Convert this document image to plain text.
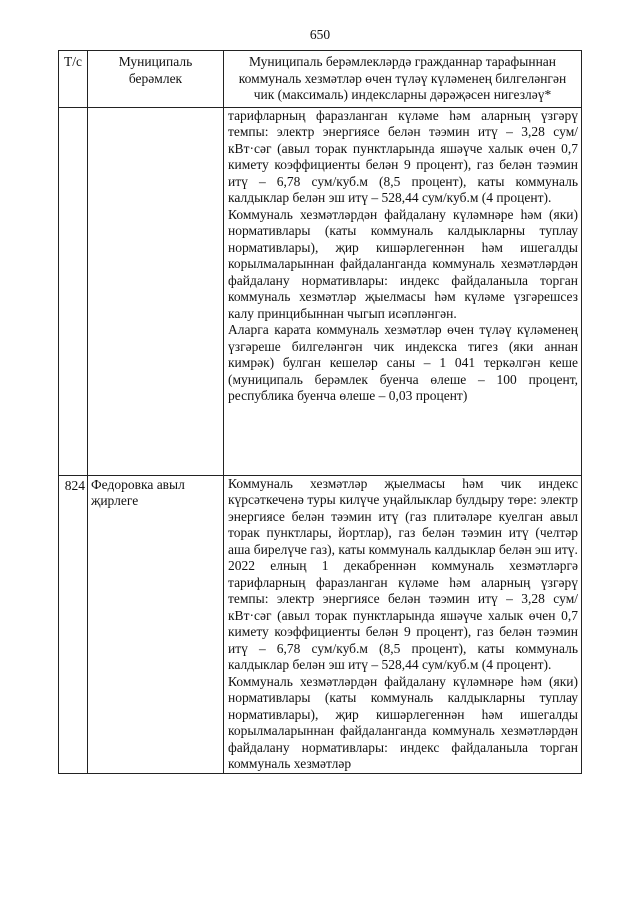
650
Т/с	Муниципаль берәмлек	Муниципаль берәмлекләрдә гражданнар тарафыннан коммуналь хезмәтләр өчен түләү күләменең билгеләнгән чик (максималь) индексларны дәрәҗәсен нигезләү*

		тарифларның фаразланган күләме һәм аларның үзгәрү темпы: электр энергиясе белән тәэмин итү – 3,28 сум/кВт·сәг (авыл торак пунктларында яшәүче халык өчен 0,7 кимету коэффициенты белән 9 процент), газ белән тәэмин итү – 6,78 сум/куб.м (8,5 процент), каты коммуналь калдыклар белән эш итү – 528,44 сум/куб.м (4 процент).

Коммуналь хезмәтләрдән файдалану күләмнәре һәм (яки) нормативлары (каты коммуналь калдыкларны туплау нормативлары), җир кишәрлегеннән һәм ишегалды корылмаларыннан файдаланганда коммуналь хезмәтләрдән файдалану нормативлары: индекс файдаланыла торган коммуналь хезмәтләр җыелмасы һәм күләме үзгәрешсез калу принцибыннан чыгып исәпләнгән.

Аларга карата коммуналь хезмәтләр өчен түләү күләменең үзгәреше билгеләнгән чик индекска тигез (яки аннан кимрәк) булган кешеләр саны – 1 041 теркәлгән кеше (муниципаль берәмлек буенча өлеше – 100 процент, республика буенча өлеше – 0,03 процент)

824	Федоровка авыл җирлеге	Коммуналь хезмәтләр җыелмасы һәм чик индекс күрсәткеченә туры килүче уңайлыклар булдыру төре: электр энергиясе белән тәэмин итү (газ плитәләре куелган авыл торак пунктлары, йортлар), газ белән тәэмин итү (челтәр аша бирелүче газ), каты коммуналь калдыклар белән эш итү.

2022 елның 1 декабреннән коммуналь хезмәтләргә тарифларның фаразланган күләме һәм аларның үзгәрү темпы: электр энергиясе белән тәэмин итү – 3,28 сум/кВт·сәг (авыл торак пунктларында яшәүче халык өчен 0,7 кимету коэффициенты белән 9 процент), газ белән тәэмин итү – 6,78 сум/куб.м (8,5 процент), каты коммуналь калдыклар белән эш итү – 528,44 сум/куб.м (4 процент).

Коммуналь хезмәтләрдән файдалану күләмнәре һәм (яки) нормативлары (каты коммуналь калдыкларны туплау нормативлары), җир кишәрлегеннән һәм ишегалды корылмаларыннан файдаланганда коммуналь хезмәтләрдән файдалану нормативлары: индекс файдаланыла торган коммуналь хезмәтләр
